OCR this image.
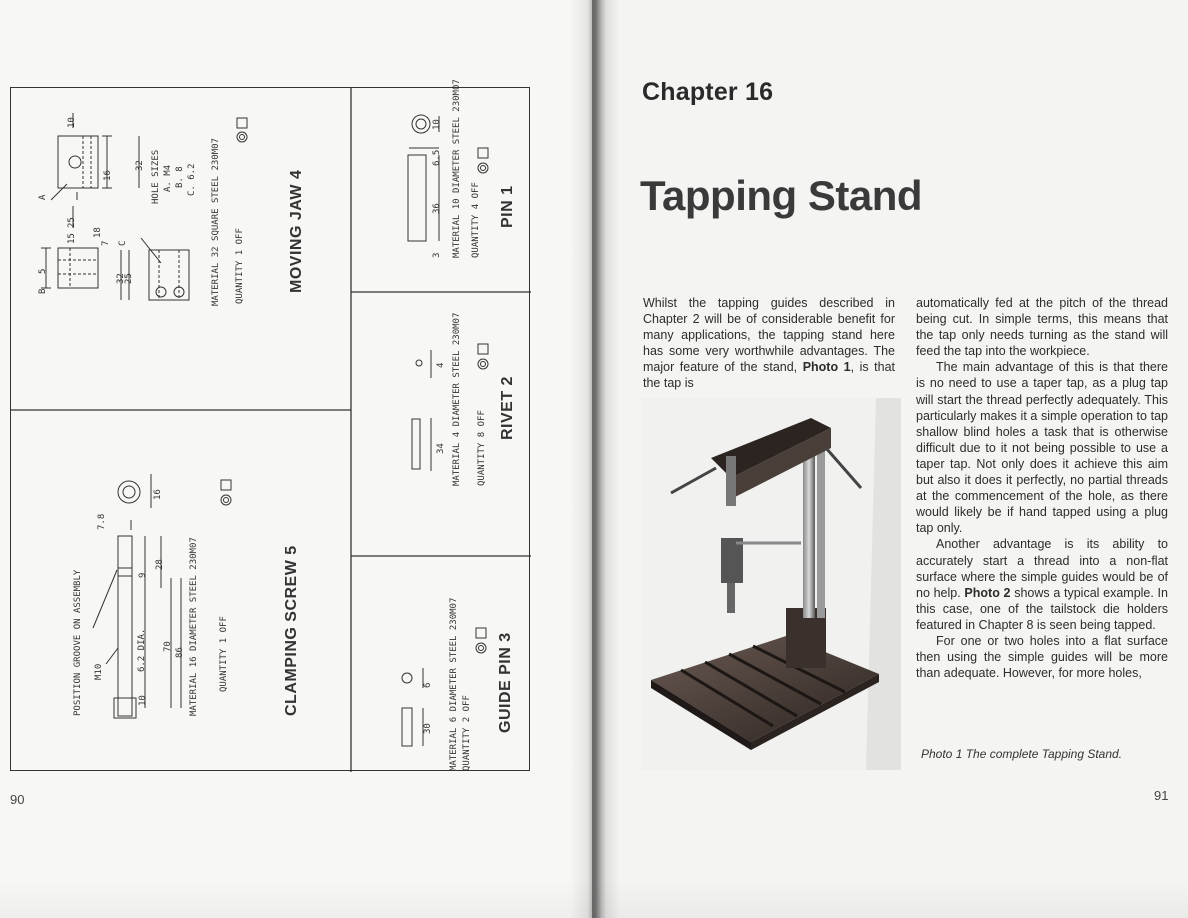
MOVING JAW 4
MATERIAL 32 SQUARE STEEL 230M07 QUANTITY 1 OFF
HOLE SIZES A. M4 B. 8 C. 6.2
A
B
C
5
25
15
10
16
32
18
7
32
25
PIN 1
MATERIAL 10 DIAMETER STEEL 230M07 QUANTITY 4 OFF
3
36
6.5
10
RIVET 2
MATERIAL 4 DIAMETER STEEL 230M07 QUANTITY 8 OFF
34
4
GUIDE PIN 3
MATERIAL 6 DIAMETER STEEL 230M07 QUANTITY 2 OFF
30
6
CLAMPING SCREW 5
MATERIAL 16 DIAMETER STEEL 230M07 QUANTITY 1 OFF
POSITION GROOVE ON ASSEMBLY M10	6.2 DIA.
7.8
16
9
28
70
86
10
90
Chapter 16
Tapping Stand

Whilst the tapping guides described in Chapter 2 will be of considerable benefit for many applications, the tapping stand here has some very worthwhile advantages. The major feature of the stand, Photo 1, is that the tap is

automatically fed at the pitch of the thread being cut. In simple terms, this means that the tap only needs turning as the stand will feed the tap into the workpiece.

The main advantage of this is that there is no need to use a taper tap, as a plug tap will start the thread perfectly adequately. This particularly makes it a simple operation to tap shallow blind holes a task that is otherwise difficult due to it not being possible to use a taper tap. Not only does it achieve this aim but also it does it perfectly, no partial threads at the commencement of the hole, as there would likely be if hand tapped using a plug tap only.

Another advantage is its ability to accurately start a thread into a non-flat surface where the simple guides would be of no help. Photo 2 shows a typical example. In this case, one of the tailstock die holders featured in Chapter 8 is seen being tapped.

For one or two holes into a flat surface then using the simple guides will be more than adequate. However, for more holes,

Photo 1 The complete Tapping Stand.
91
